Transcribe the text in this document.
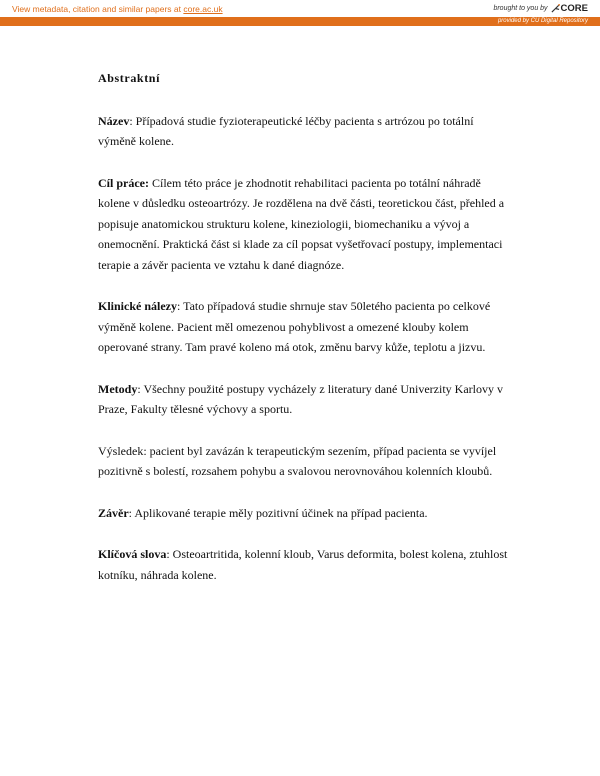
View metadata, citation and similar papers at core.ac.uk	brought to you by CORE
provided by CU Digital Repository

Abstraktní

Název: Případová studie fyzioterapeutické léčby pacienta s artrózou po totální výměně kolene.

Cíl práce: Cílem této práce je zhodnotit rehabilitaci pacienta po totální náhradě kolene v důsledku osteoartrózy. Je rozdělena na dvě části, teoretickou část, přehled a popisuje anatomickou strukturu kolene, kineziologii, biomechaniku a vývoj a onemocnění. Praktická část si klade za cíl popsat vyšetřovací postupy, implementaci terapie a závěr pacienta ve vztahu k dané diagnóze.

Klinické nálezy: Tato případová studie shrnuje stav 50letého pacienta po celkové výměně kolene. Pacient měl omezenou pohyblivost a omezené klouby kolem operované strany. Tam pravé koleno má otok, změnu barvy kůže, teplotu a jizvu.

Metody: Všechny použité postupy vycházely z literatury dané Univerzity Karlovy v Praze, Fakulty tělesné výchovy a sportu.

Výsledek: pacient byl zavázán k terapeutickým sezením, případ pacienta se vyvíjel pozitivně s bolestí, rozsahem pohybu a svalovou nerovnováhou kolenních kloubů.

Závěr: Aplikované terapie měly pozitivní účinek na případ pacienta.

Klíčová slova: Osteoartritida, kolenní kloub, Varus deformita, bolest kolena, ztuhlost kotníku, náhrada kolene.
